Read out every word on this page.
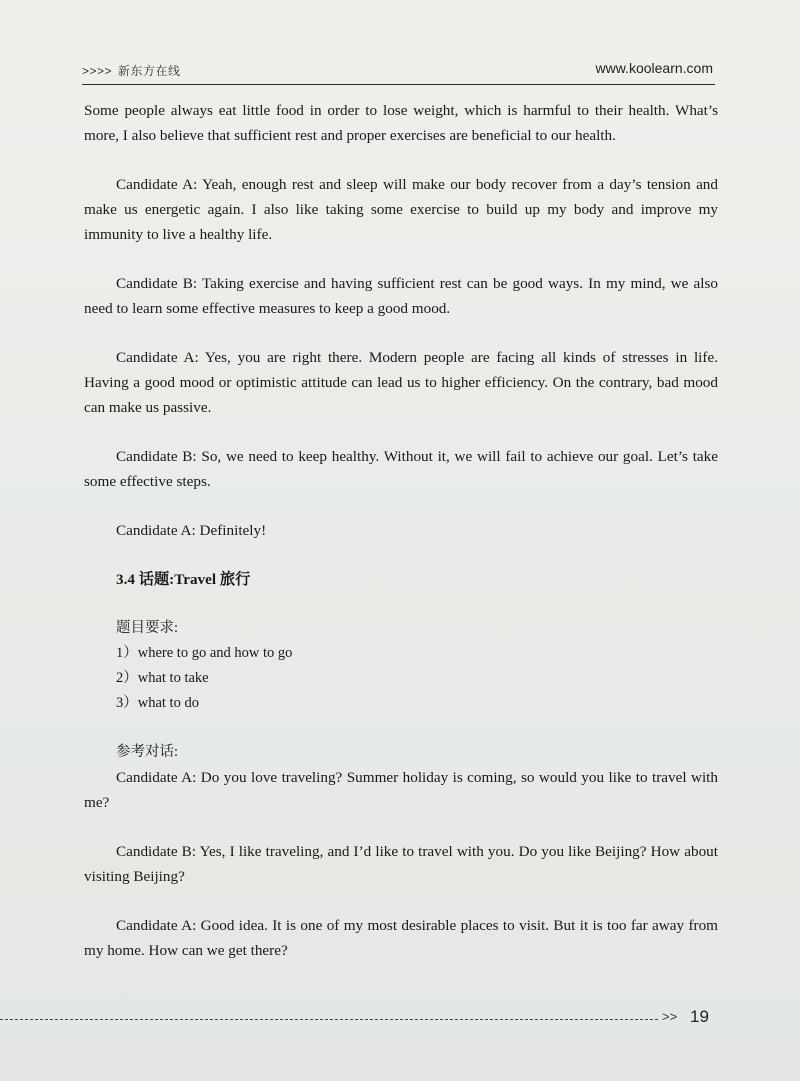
>>>> 新东方在线	www.koolearn.com

Some people always eat little food in order to lose weight, which is harmful to their health. What’s more, I also believe that sufficient rest and proper exercises are beneficial to our health.

Candidate A: Yeah, enough rest and sleep will make our body recover from a day’s tension and make us energetic again. I also like taking some exercise to build up my body and improve my immunity to live a healthy life.

Candidate B: Taking exercise and having sufficient rest can be good ways. In my mind, we also need to learn some effective measures to keep a good mood.

Candidate A: Yes, you are right there. Modern people are facing all kinds of stresses in life. Having a good mood or optimistic attitude can lead us to higher efficiency. On the contrary, bad mood can make us passive.

Candidate B: So, we need to keep healthy. Without it, we will fail to achieve our goal. Let’s take some effective steps.

Candidate A: Definitely!

3.4 话题:Travel 旅行

题目要求:

1）where to go and how to go

2）what to take

3）what to do

参考对话:

Candidate A: Do you love traveling? Summer holiday is coming, so would you like to travel with me?

Candidate B: Yes, I like traveling, and I’d like to travel with you. Do you like Beijing? How about visiting Beijing?

Candidate A: Good idea. It is one of my most desirable places to visit. But it is too far away from my home. How can we get there?

>> 19
